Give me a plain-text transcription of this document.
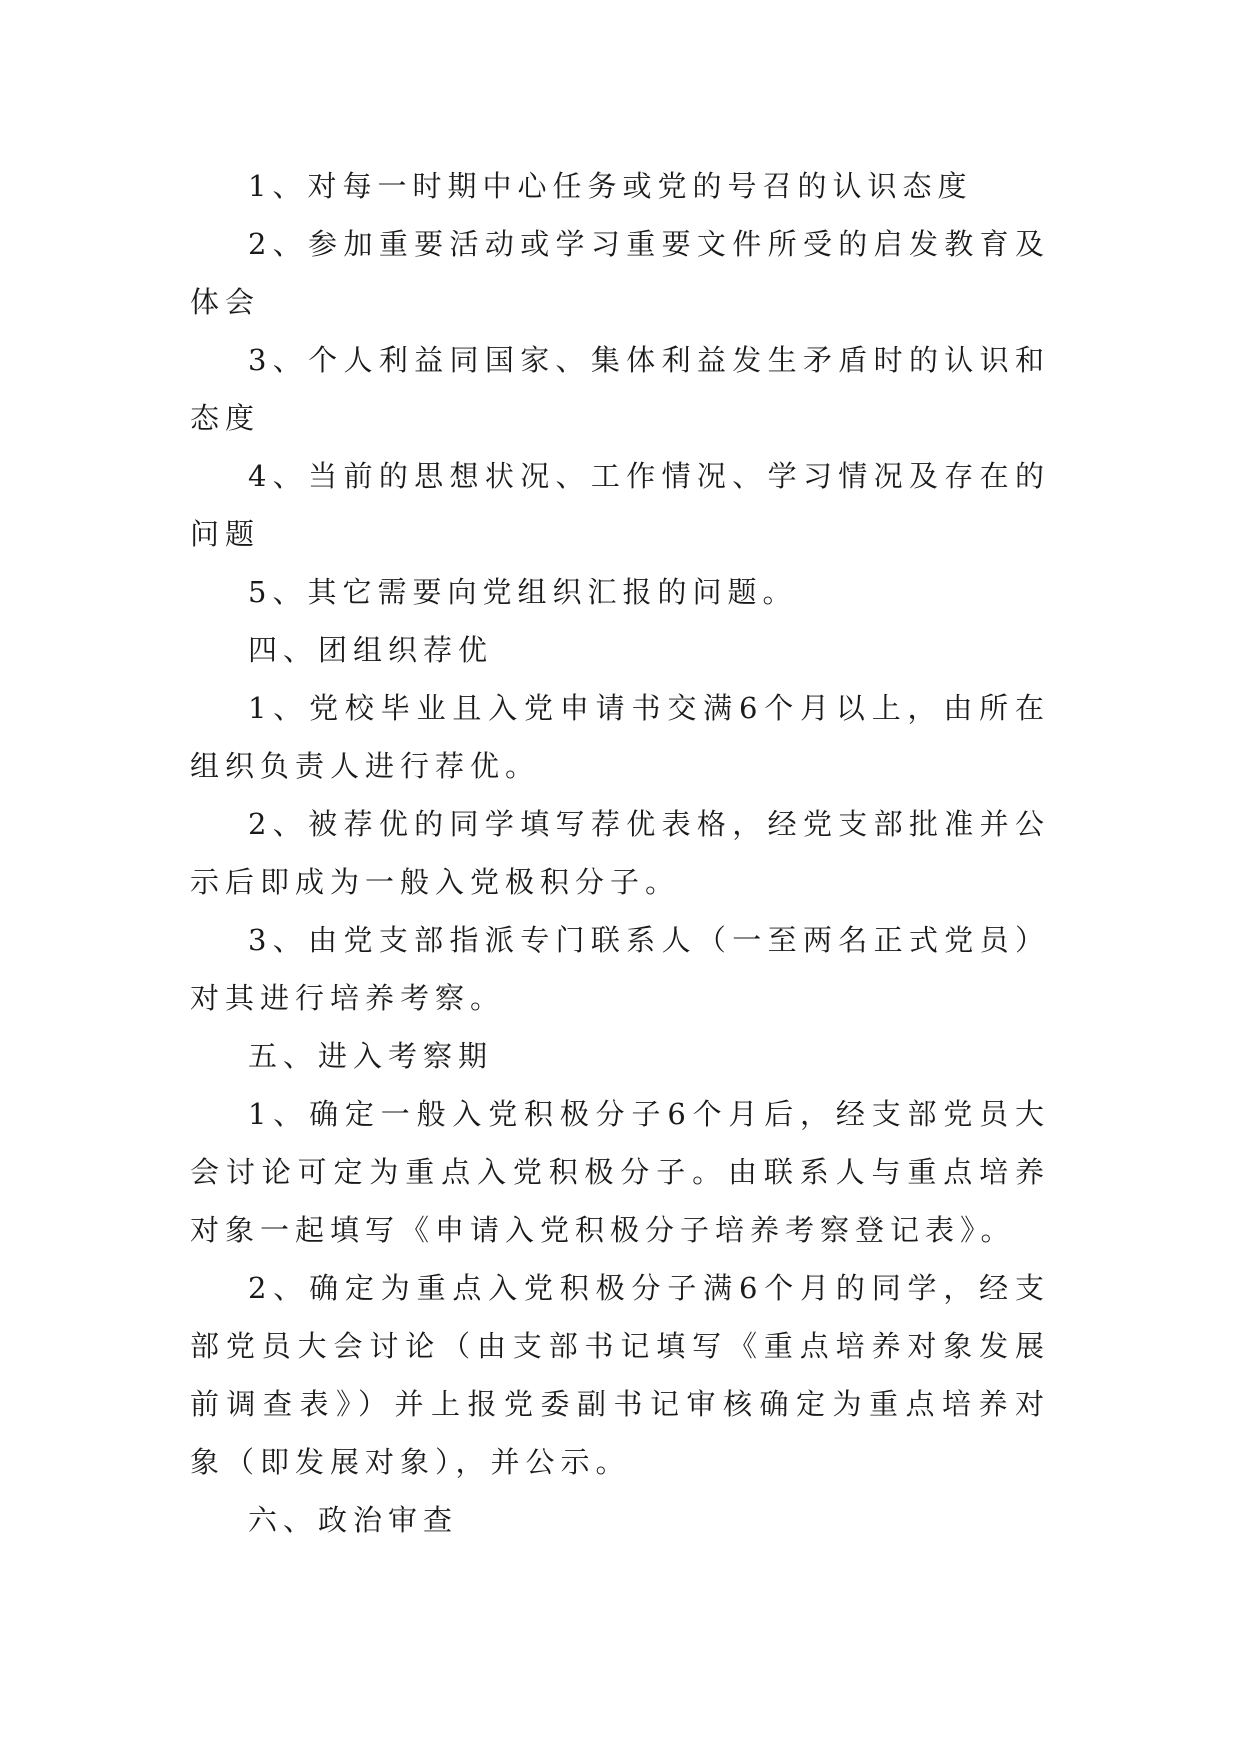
1、对每一时期中心任务或党的号召的认识态度

2、参加重要活动或学习重要文件所受的启发教育及体会

3、个人利益同国家、集体利益发生矛盾时的认识和态度

4、当前的思想状况、工作情况、学习情况及存在的问题

5、其它需要向党组织汇报的问题。

四、团组织荐优

1、党校毕业且入党申请书交满6个月以上，由所在组织负责人进行荐优。

2、被荐优的同学填写荐优表格，经党支部批准并公示后即成为一般入党极积分子。

3、由党支部指派专门联系人（一至两名正式党员）对其进行培养考察。

五、进入考察期

1、确定一般入党积极分子6个月后，经支部党员大会讨论可定为重点入党积极分子。由联系人与重点培养对象一起填写《申请入党积极分子培养考察登记表》。

2、确定为重点入党积极分子满6个月的同学，经支部党员大会讨论（由支部书记填写《重点培养对象发展前调查表》）并上报党委副书记审核确定为重点培养对象（即发展对象），并公示。

六、政治审查
